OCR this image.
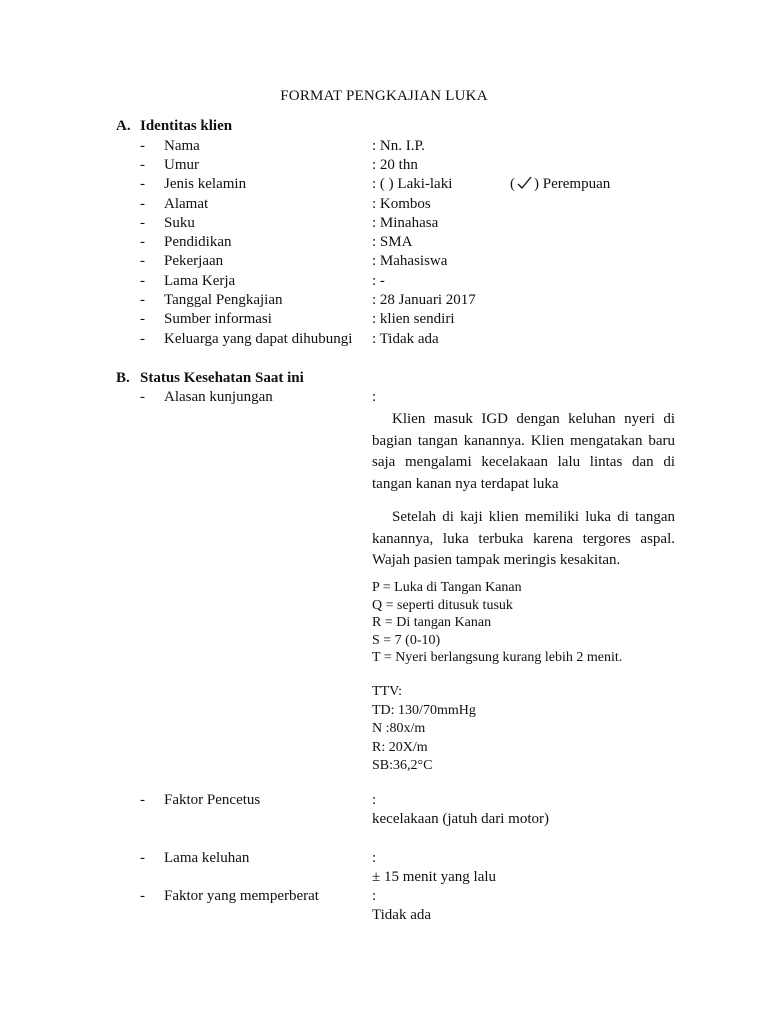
FORMAT PENGKAJIAN LUKA
A. Identitas klien
- Nama	: Nn. I.P.
- Umur	: 20 thn
- Jenis kelamin	: ( ) Laki-laki	( ) Perempuan
- Alamat	: Kombos
- Suku	: Minahasa
- Pendidikan	: SMA
- Pekerjaan	: Mahasiswa
- Lama Kerja	: -
- Tanggal Pengkajian	: 28 Januari 2017
- Sumber informasi	: klien sendiri
- Keluarga yang dapat dihubungi : Tidak ada
B. Status Kesehatan Saat ini
- Alasan kunjungan	:

Klien masuk IGD dengan keluhan nyeri di bagian tangan kanannya. Klien mengatakan baru saja mengalami kecelakaan lalu lintas dan di tangan kanan nya terdapat luka

Setelah di kaji klien memiliki luka di tangan kanannya, luka terbuka karena tergores aspal. Wajah pasien tampak meringis kesakitan.

P = Luka di Tangan Kanan
Q = seperti ditusuk tusuk
R = Di tangan Kanan
S = 7 (0-10)
T = Nyeri berlangsung kurang lebih 2 menit.
TTV:
TD: 130/70mmHg
N :80x/m
R: 20X/m
SB:36,2°C
- Faktor Pencetus	:
kecelakaan (jatuh dari motor)
- Lama keluhan	:
± 15 menit yang lalu
- Faktor yang memperberat	:
Tidak ada
